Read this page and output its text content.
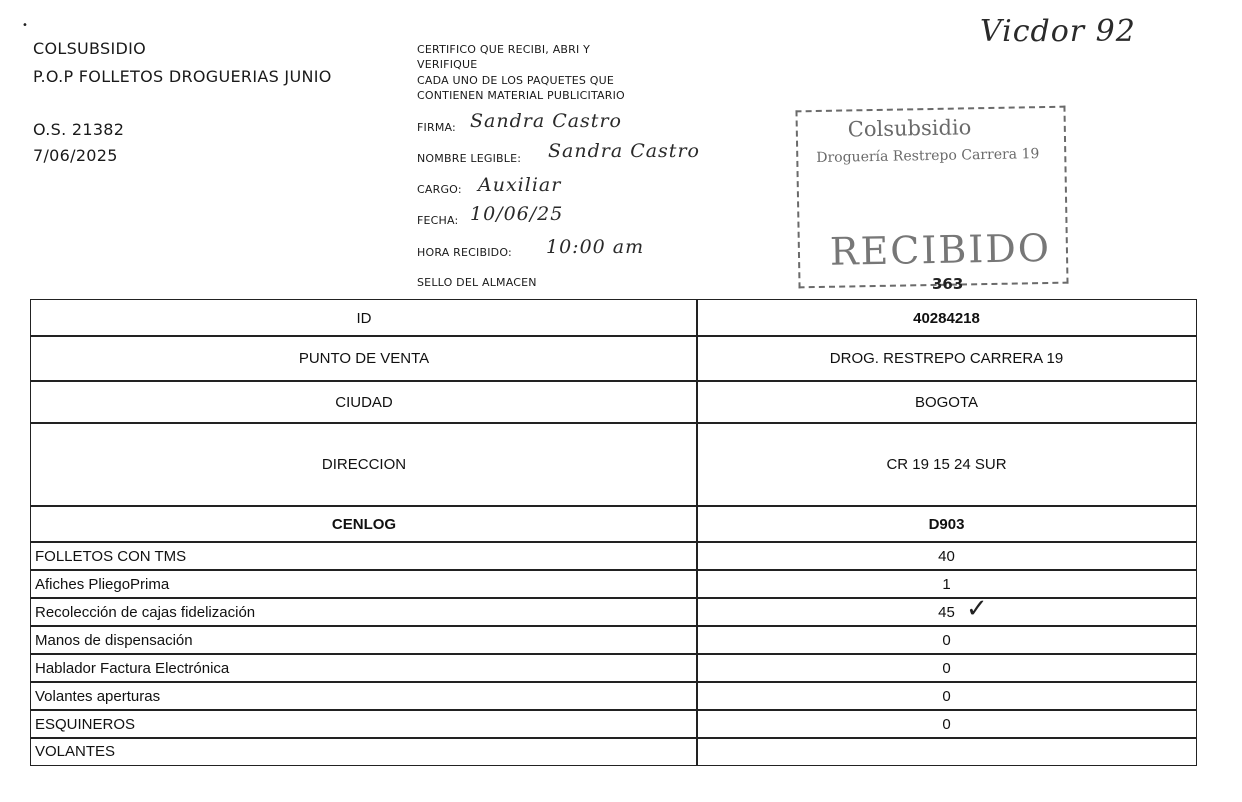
•
COLSUBSIDIO
P.O.P FOLLETOS DROGUERIAS JUNIO
O.S. 21382
7/06/2025
CERTIFICO QUE RECIBI, ABRI Y
VERIFIQUE
CADA UNO DE LOS PAQUETES QUE
CONTIENEN MATERIAL PUBLICITARIO
FIRMA: Sandra Castro
NOMBRE LEGIBLE: Sandra Castro
CARGO: Auxiliar
FECHA: 10/06/25
HORA RECIBIDO: 10:00 am
SELLO DEL ALMACEN
Vicdor 92
Colsubsidio
Droguería Restrepo Carrera 19
RECIBIDO
363
ID	40284218
PUNTO DE VENTA	DROG. RESTREPO CARRERA 19
CIUDAD	BOGOTA
DIRECCION	CR 19 15 24 SUR
CENLOG	D903
FOLLETOS CON TMS	40
Afiches PliegoPrima	1
Recolección de cajas fidelización	45
Manos de dispensación	0
Hablador Factura Electrónica	0
Volantes aperturas	0
ESQUINEROS	0
VOLANTES
✓
